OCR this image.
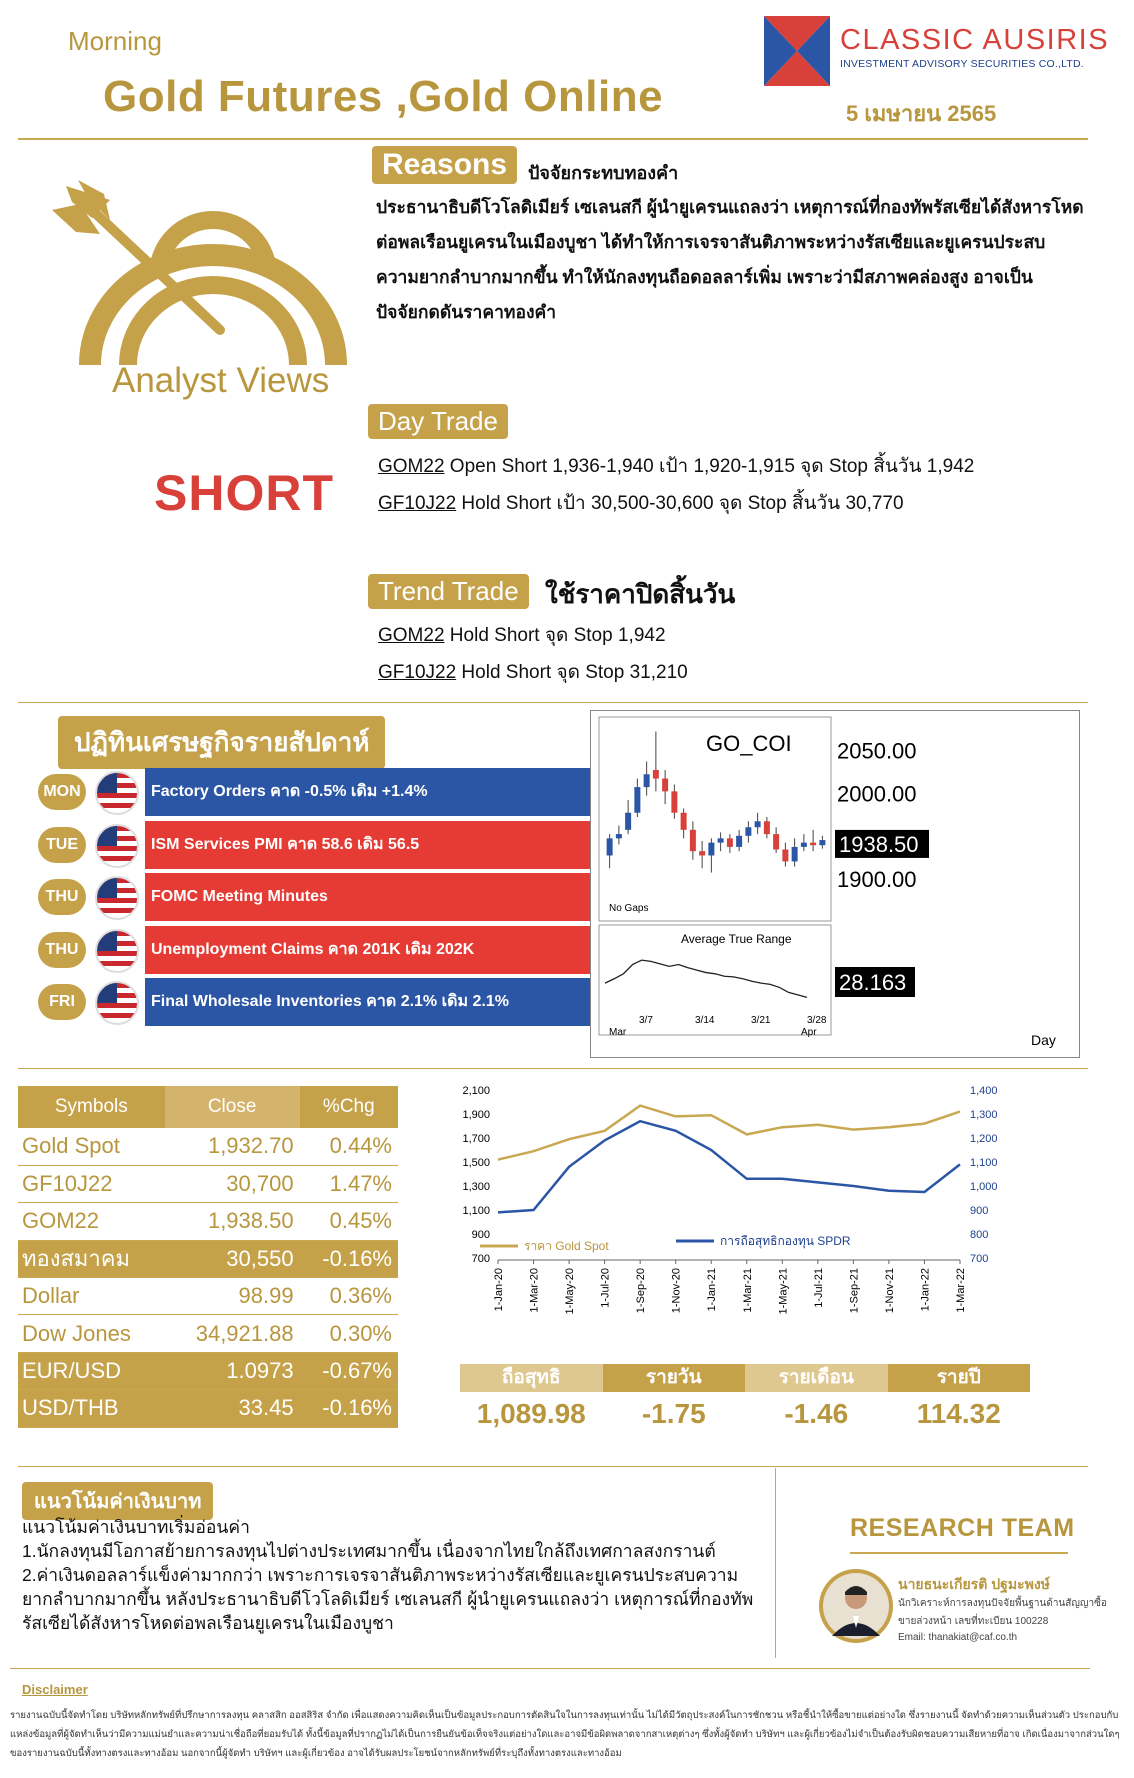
Morning
Gold Futures ,Gold Online
CLASSIC AUSIRIS
INVESTMENT ADVISORY SECURITIES CO.,LTD.
5 เมษายน 2565
Analyst Views
SHORT
Reasons	ปัจจัยกระทบทองคำ
ประธานาธิบดีโวโลดิเมียร์ เซเลนสกี ผู้นำยูเครนแถลงว่า เหตุการณ์ที่กองทัพรัสเซียได้สังหารโหด
ต่อพลเรือนยูเครนในเมืองบูชา ได้ทำให้การเจรจาสันติภาพระหว่างรัสเซียและยูเครนประสบ
ความยากลำบากมากขึ้น ทำให้นักลงทุนถือดอลลาร์เพิ่ม เพราะว่ามีสภาพคล่องสูง อาจเป็น
ปัจจัยกดดันราคาทองคำ
Day Trade
GOM22 Open Short 1,936-1,940 เป้า 1,920-1,915 จุด Stop สิ้นวัน 1,942
GF10J22 Hold Short เป้า 30,500-30,600 จุด Stop สิ้นวัน 30,770
Trend Trade	ใช้ราคาปิดสิ้นวัน
GOM22 Hold Short จุด Stop 1,942
GF10J22 Hold Short จุด Stop 31,210
ปฏิทินเศรษฐกิจรายสัปดาห์
MON	Factory Orders คาด -0.5% เดิม +1.4%
TUE	ISM Services PMI คาด 58.6 เดิม 56.5
THU	FOMC Meeting Minutes
THU	Unemployment Claims คาด 201K เดิม 202K
FRI	Final Wholesale Inventories คาด 2.1% เดิม 2.1%
GO_COI
No Gaps
2050.00
2000.00
1900.00
1938.50
Average True Range
28.163
3/7	3/14	3/21	3/28
Mar	Apr	Day
Symbols	Close	%Chg
Gold Spot	1,932.70	0.44%
GF10J22	30,700	1.47%
GOM22	1,938.50	0.45%
ทองสมาคม	30,550	-0.16%
Dollar	98.99	0.36%
Dow Jones	34,921.88	0.30%
EUR/USD	1.0973	-0.67%
USD/THB	33.45	-0.16%
700
900
1,100
1,300
1,500
1,700
1,900
2,100
700
800
900
1,000
1,100
1,200
1,300
1,400
1-Jan-20 1-Mar-20 1-May-20 1-Jul-20 1-Sep-20 1-Nov-20 1-Jan-21 1-Mar-21 1-May-21 1-Jul-21 1-Sep-21 1-Nov-21 1-Jan-22 1-Mar-22
ราคา Gold Spot	การถือสุทธิกองทุน SPDR
ถือสุทธิ	รายวัน	รายเดือน	รายปี
1,089.98	-1.75	-1.46	114.32
แนวโน้มค่าเงินบาท
แนวโน้มค่าเงินบาทเริ่มอ่อนค่า
1.นักลงทุนมีโอกาสย้ายการลงทุนไปต่างประเทศมากขึ้น เนื่องจากไทยใกล้ถึงเทศกาลสงกรานต์
2.ค่าเงินดอลลาร์แข็งค่ามากกว่า เพราะการเจรจาสันติภาพระหว่างรัสเซียและยูเครนประสบความ
ยากลำบากมากขึ้น หลังประธานาธิบดีโวโลดิเมียร์ เซเลนสกี ผู้นำยูเครนแถลงว่า เหตุการณ์ที่กองทัพ
รัสเซียได้สังหารโหดต่อพลเรือนยูเครนในเมืองบูชา
RESEARCH TEAM
นายธนะเกียรติ ปฐมะพงษ์
นักวิเคราะห์การลงทุนปัจจัยพื้นฐานด้านสัญญาซื้อ
ขายล่วงหน้า เลขที่ทะเบียน 100228
Email: thanakiat@caf.co.th
Disclaimer
รายงานฉบับนี้จัดทำโดย บริษัทหลักทรัพย์ที่ปรึกษาการลงทุน คลาสสิก ออสสิริส จำกัด เพื่อแสดงความคิดเห็นเป็นข้อมูลประกอบการตัดสินใจในการลงทุนเท่านั้น ไม่ได้มีวัตถุประสงค์ในการชักชวน หรือชี้นำให้ซื้อขายแต่อย่างใด ซึ่งรายงานนี้ จัดทำด้วยความเห็นส่วนตัว ประกอบกับแหล่งข้อมูลที่ผู้จัดทำเห็นว่ามีความแม่นยำและความน่าเชื่อถือที่ยอมรับได้ ทั้งนี้ข้อมูลที่ปรากฏไม่ได้เป็นการยืนยันข้อเท็จจริงแต่อย่างใดและอาจมีข้อผิดพลาดจากสาเหตุต่างๆ ซึ่งทั้งผู้จัดทำ บริษัทฯ และผู้เกี่ยวข้องไม่จำเป็นต้องรับผิดชอบความเสียหายที่อาจ เกิดเนื่องมาจากส่วนใดๆของรายงานฉบับนี้ทั้งทางตรงและทางอ้อม นอกจากนี้ผู้จัดทำ บริษัทฯ และผู้เกี่ยวข้อง อาจได้รับผลประโยชน์จากหลักทรัพย์ที่ระบุถึงทั้งทางตรงและทางอ้อม
